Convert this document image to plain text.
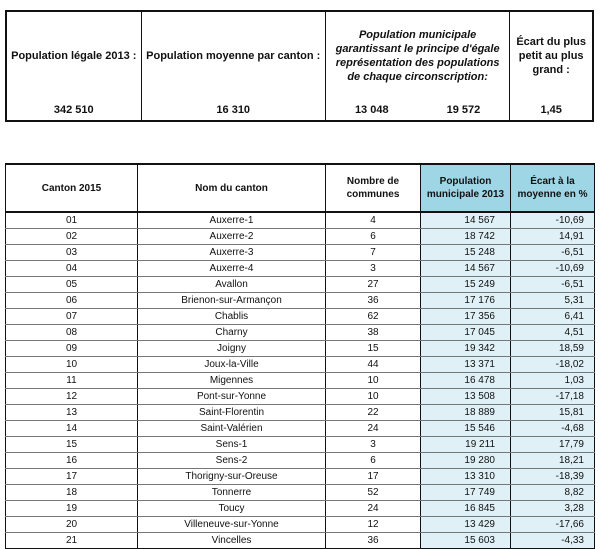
Population légale 2013 :
342 510
Population moyenne par canton :
16 310
Population municipale garantissant le principe d'égale représentation des populations de chaque circonscription:
13 048	19 572
Écart du plus petit au plus grand :
1,45
Canton 2015	Nom du canton	Nombre de communes	Population municipale 2013	Écart à la moyenne en %
01	Auxerre-1	4	14 567	-10,69
02	Auxerre-2	6	18 742	14,91
03	Auxerre-3	7	15 248	-6,51
04	Auxerre-4	3	14 567	-10,69
05	Avallon	27	15 249	-6,51
06	Brienon-sur-Armançon	36	17 176	5,31
07	Chablis	62	17 356	6,41
08	Charny	38	17 045	4,51
09	Joigny	15	19 342	18,59
10	Joux-la-Ville	44	13 371	-18,02
11	Migennes	10	16 478	1,03
12	Pont-sur-Yonne	10	13 508	-17,18
13	Saint-Florentin	22	18 889	15,81
14	Saint-Valérien	24	15 546	-4,68
15	Sens-1	3	19 211	17,79
16	Sens-2	6	19 280	18,21
17	Thorigny-sur-Oreuse	17	13 310	-18,39
18	Tonnerre	52	17 749	8,82
19	Toucy	24	16 845	3,28
20	Villeneuve-sur-Yonne	12	13 429	-17,66
21	Vincelles	36	15 603	-4,33
